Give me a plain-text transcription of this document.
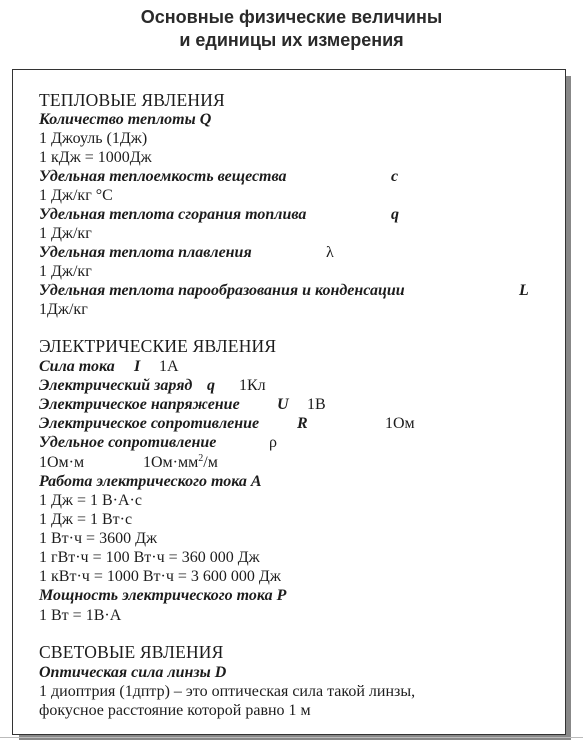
Основные физические величины
и единицы их измерения
ТЕПЛОВЫЕ ЯВЛЕНИЯ
Количество теплоты Q
1 Джоуль (1Дж)
1 кДж = 1000Дж
Удельная теплоемкость вещества	c
1 Дж/кг °С
Удельная теплота сгорания топлива	q
1 Дж/кг
Удельная теплота плавления	λ
1 Дж/кг
Удельная теплота парообразования и конденсации	L
1Дж/кг
ЭЛЕКТРИЧЕСКИЕ ЯВЛЕНИЯ
Сила тока I 1А
Электрический заряд q 1Кл
Электрическое напряжение U 1В
Электрическое сопротивление R	1Ом
Удельное сопротивление	ρ
1Ом·м	$1Ом\cdot мм^2/м$
Работа электрического тока А
1 Дж = 1 В·А·с
1 Дж = 1 Вт·с
1 Вт·ч = 3600 Дж
1 гВт·ч = 100 Вт·ч = 360 000 Дж
1 кВт·ч = 1000 Вт·ч = 3 600 000 Дж
Мощность электрического тока Р
1 Вт = 1В·А
СВЕТОВЫЕ ЯВЛЕНИЯ
Оптическая сила линзы D
1 диоптрия (1дптр) – это оптическая сила такой линзы,
фокусное расстояние которой равно 1 м
